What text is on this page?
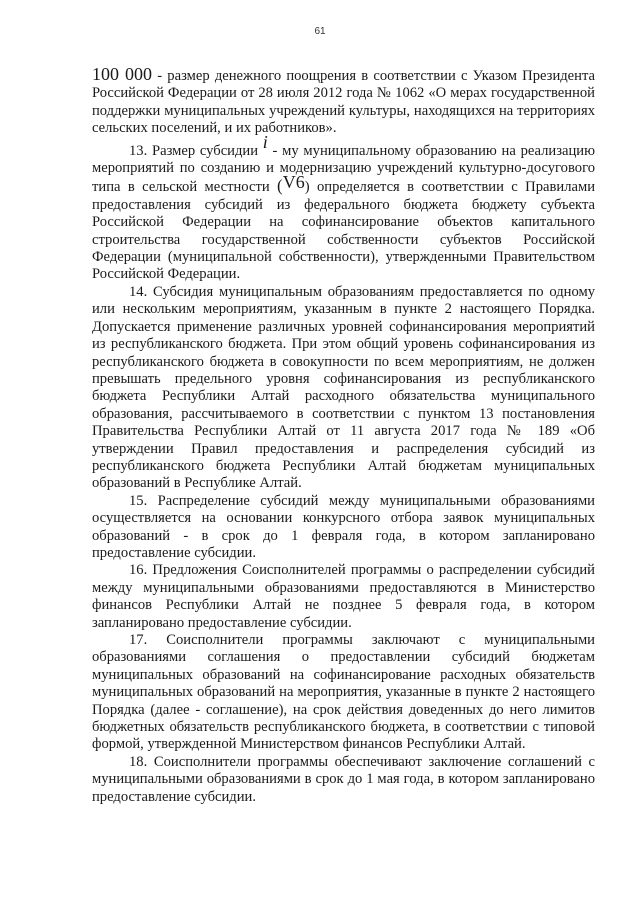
61

100 000 - размер денежного поощрения в соответствии с Указом Президента Российской Федерации от 28 июля 2012 года № 1062 «О мерах государственной поддержки муниципальных учреждений культуры, находящихся на территориях сельских поселений, и их работников».

13. Размер субсидии i - му муниципальному образованию на реализацию мероприятий по созданию и модернизацию учреждений культурно-досугового типа в сельской местности (V6) определяется в соответствии с Правилами предоставления субсидий из федерального бюджета бюджету субъекта Российской Федерации на софинансирование объектов капитального строительства государственной собственности субъектов Российской Федерации (муниципальной собственности), утвержденными Правительством Российской Федерации.

14. Субсидия муниципальным образованиям предоставляется по одному или нескольким мероприятиям, указанным в пункте 2 настоящего Порядка. Допускается применение различных уровней софинансирования мероприятий из республиканского бюджета. При этом общий уровень софинансирования из республиканского бюджета в совокупности по всем мероприятиям, не должен превышать предельного уровня софинансирования из республиканского бюджета Республики Алтай расходного обязательства муниципального образования, рассчитываемого в соответствии с пунктом 13 постановления Правительства Республики Алтай от 11 августа 2017 года № 189 «Об утверждении Правил предоставления и распределения субсидий из республиканского бюджета Республики Алтай бюджетам муниципальных образований в Республике Алтай.

15. Распределение субсидий между муниципальными образованиями осуществляется на основании конкурсного отбора заявок муниципальных образований - в срок до 1 февраля года, в котором запланировано предоставление субсидии.

16. Предложения Соисполнителей программы о распределении субсидий между муниципальными образованиями предоставляются в Министерство финансов Республики Алтай не позднее 5 февраля года, в котором запланировано предоставление субсидии.

17. Соисполнители программы заключают с муниципальными образованиями соглашения о предоставлении субсидий бюджетам муниципальных образований на софинансирование расходных обязательств муниципальных образований на мероприятия, указанные в пункте 2 настоящего Порядка (далее - соглашение), на срок действия доведенных до него лимитов бюджетных обязательств республиканского бюджета, в соответствии с типовой формой, утвержденной Министерством финансов Республики Алтай.

18. Соисполнители программы обеспечивают заключение соглашений с муниципальными образованиями в срок до 1 мая года, в котором запланировано предоставление субсидии.
